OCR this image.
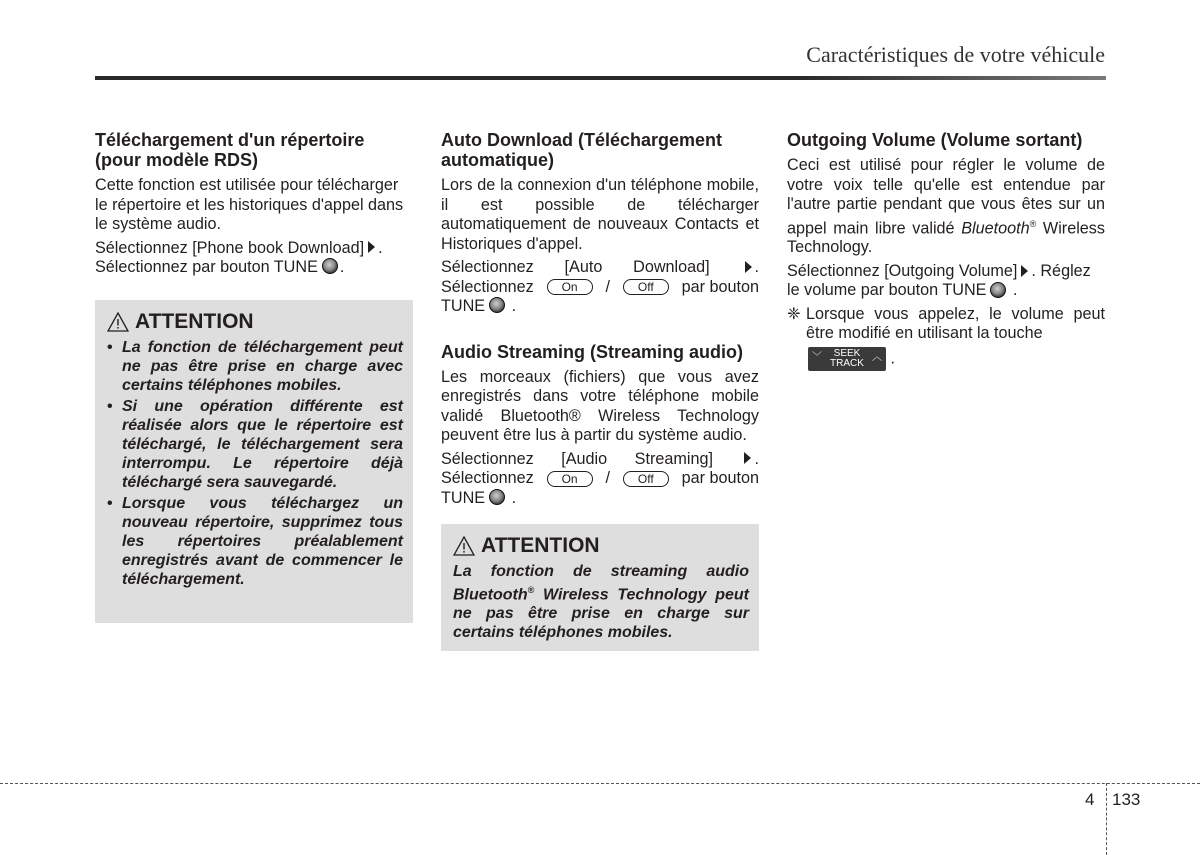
Caractéristiques de votre véhicule
Téléchargement d'un répertoire (pour modèle RDS)

Cette fonction est utilisée pour télécharger le répertoire et les historiques d'appel dans le système audio.

Sélectionnez [Phone book Download] .

Sélectionnez par bouton TUNE .

ATTENTION
• La fonction de téléchargement peut ne pas être prise en charge avec certains téléphones mobiles.
• Si une opération différente est réalisée alors que le répertoire est téléchargé, le téléchargement sera interrompu. Le répertoire déjà téléchargé sera sauvegardé.
• Lorsque vous téléchargez un nouveau répertoire, supprimez tous les répertoires préalablement enregistrés avant de commencer le téléchargement.
Auto Download (Téléchargement automatique)

Lors de la connexion d'un téléphone mobile, il est possible de télécharger automatiquement de nouveaux Contacts et Historiques d'appel.

Sélectionnez [Auto Download]	.

Sélectionnez	On	/	Off	par bouton

TUNE .

Audio Streaming (Streaming audio)

Les morceaux (fichiers) que vous avez enregistrés dans votre téléphone mobile validé Bluetooth® Wireless Technology peuvent être lus à partir du système audio.

Sélectionnez [Audio Streaming]	.

Sélectionnez	On	/	Off	par bouton

TUNE .

ATTENTION

La fonction de streaming audio Bluetooth® Wireless Technology peut ne pas être prise en charge sur certains téléphones mobiles.

Outgoing Volume (Volume sortant)

Ceci est utilisé pour régler le volume de votre voix telle qu'elle est entendue par l'autre partie pendant que vous êtes sur un appel main libre validé Bluetooth® Wireless Technology.

Sélectionnez [Outgoing Volume] . Réglez le volume par bouton TUNE .

❈ Lorsque vous appelez, le volume peut être modifié en utilisant la touche
﹀	SEEK
TRACK
︿ .
4 133
